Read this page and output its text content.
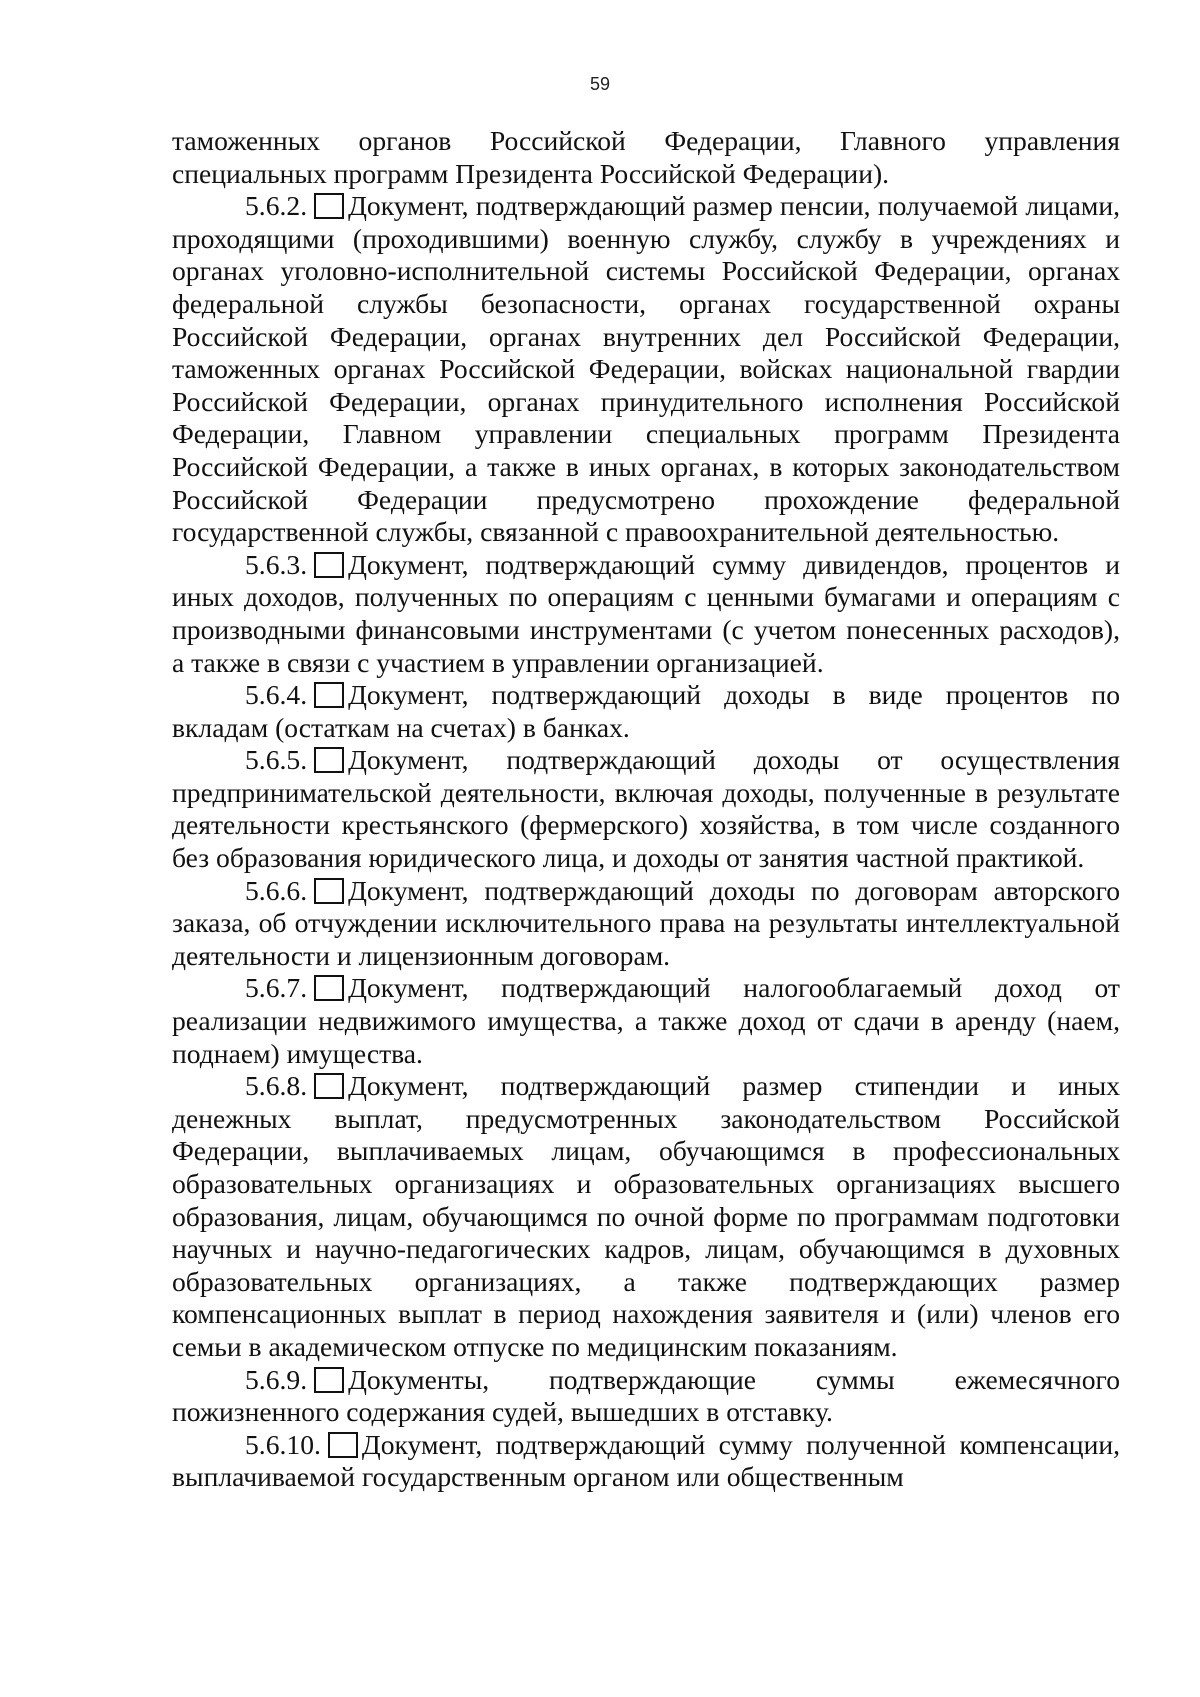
59

таможенных органов Российской Федерации, Главного управления специальных программ Президента Российской Федерации).

5.6.2. Документ, подтверждающий размер пенсии, получаемой лицами, проходящими (проходившими) военную службу, службу в учреждениях и органах уголовно-исполнительной системы Российской Федерации, органах федеральной службы безопасности, органах государственной охраны Российской Федерации, органах внутренних дел Российской Федерации, таможенных органах Российской Федерации, войсках национальной гвардии Российской Федерации, органах принудительного исполнения Российской Федерации, Главном управлении специальных программ Президента Российской Федерации, а также в иных органах, в которых законодательством Российской Федерации предусмотрено прохождение федеральной государственной службы, связанной с правоохранительной деятельностью.

5.6.3. Документ, подтверждающий сумму дивидендов, процентов и иных доходов, полученных по операциям с ценными бумагами и операциям с производными финансовыми инструментами (с учетом понесенных расходов), а также в связи с участием в управлении организацией.

5.6.4. Документ, подтверждающий доходы в виде процентов по вкладам (остаткам на счетах) в банках.

5.6.5. Документ, подтверждающий доходы от осуществления предпринимательской деятельности, включая доходы, полученные в результате деятельности крестьянского (фермерского) хозяйства, в том числе созданного без образования юридического лица, и доходы от занятия частной практикой.

5.6.6. Документ, подтверждающий доходы по договорам авторского заказа, об отчуждении исключительного права на результаты интеллектуальной деятельности и лицензионным договорам.

5.6.7. Документ, подтверждающий налогооблагаемый доход от реализации недвижимого имущества, а также доход от сдачи в аренду (наем, поднаем) имущества.

5.6.8. Документ, подтверждающий размер стипендии и иных денежных выплат, предусмотренных законодательством Российской Федерации, выплачиваемых лицам, обучающимся в профессиональных образовательных организациях и образовательных организациях высшего образования, лицам, обучающимся по очной форме по программам подготовки научных и научно-педагогических кадров, лицам, обучающимся в духовных образовательных организациях, а также подтверждающих размер компенсационных выплат в период нахождения заявителя и (или) членов его семьи в академическом отпуске по медицинским показаниям.

5.6.9. Документы, подтверждающие суммы ежемесячного пожизненного содержания судей, вышедших в отставку.

5.6.10. Документ, подтверждающий сумму полученной компенсации, выплачиваемой государственным органом или общественным
